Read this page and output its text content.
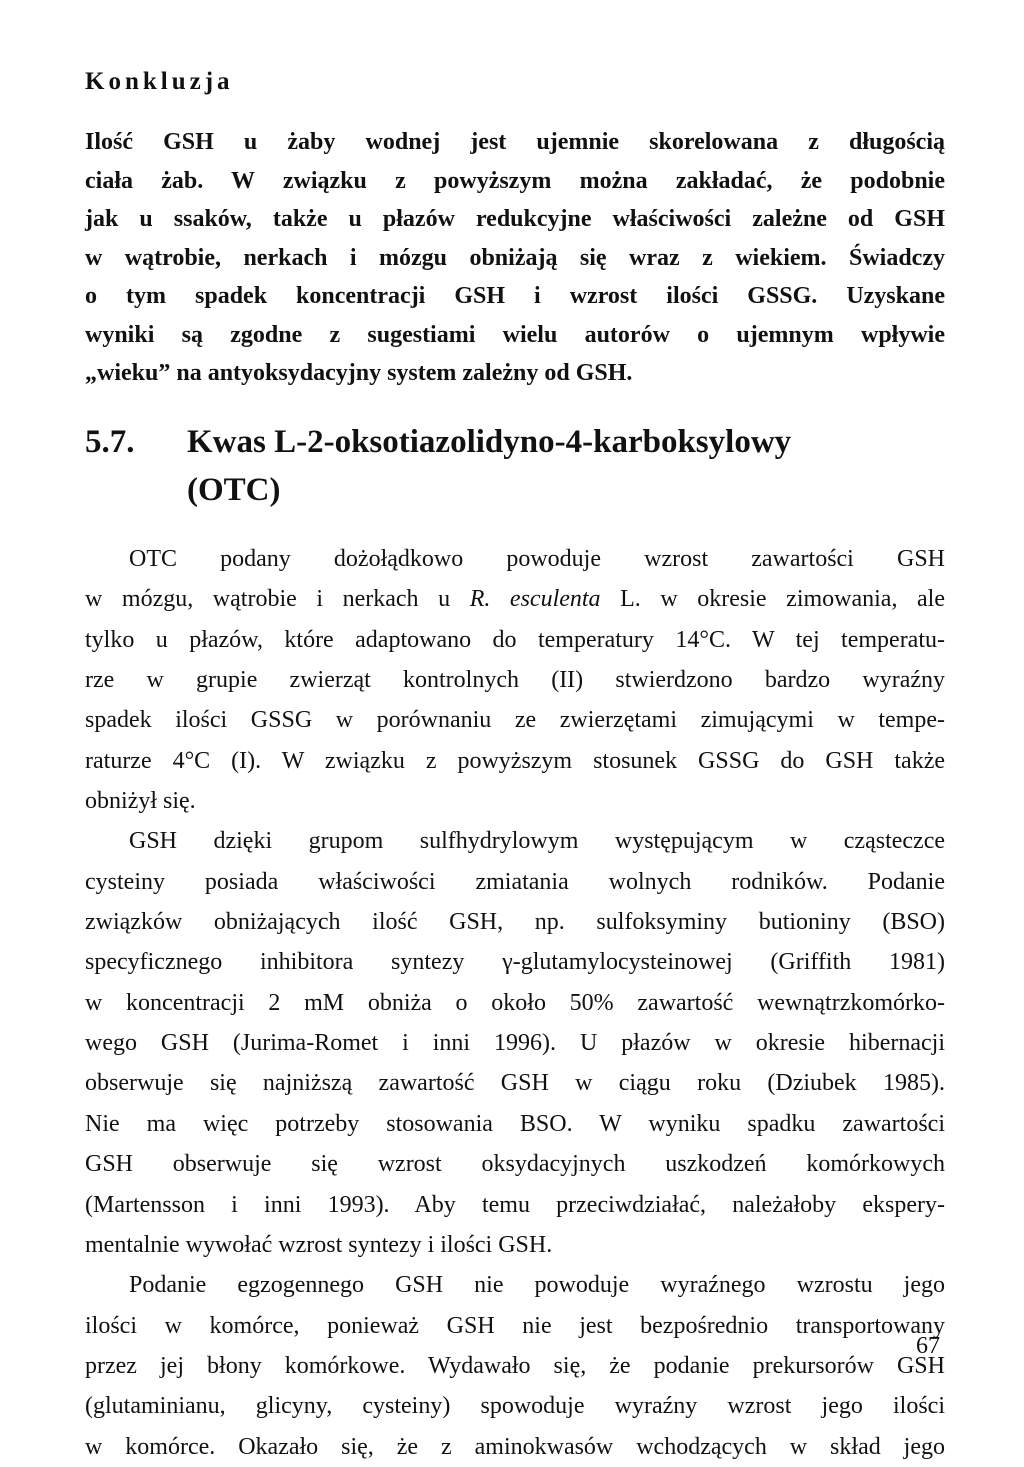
Konkluzja
Ilość GSH u żaby wodnej jest ujemnie skorelowana z długością
ciała żab. W związku z powyższym można zakładać, że podobnie
jak u ssaków, także u płazów redukcyjne właściwości zależne od GSH
w wątrobie, nerkach i mózgu obniżają się wraz z wiekiem. Świadczy
o tym spadek koncentracji GSH i wzrost ilości GSSG. Uzyskane
wyniki są zgodne z sugestiami wielu autorów o ujemnym wpływie
„wieku” na antyoksydacyjny system zależny od GSH.
5.7. Kwas L-2-oksotiazolidyno-4-karboksylowy
(OTC)
OTC podany dożołądkowo powoduje wzrost zawartości GSH
w mózgu, wątrobie i nerkach u R. esculenta L. w okresie zimowania, ale
tylko u płazów, które adaptowano do temperatury 14°C. W tej temperatu-
rze w grupie zwierząt kontrolnych (II) stwierdzono bardzo wyraźny
spadek ilości GSSG w porównaniu ze zwierzętami zimującymi w tempe-
raturze 4°C (I). W związku z powyższym stosunek GSSG do GSH także
obniżył się.
GSH dzięki grupom sulfhydrylowym występującym w cząsteczce
cysteiny posiada właściwości zmiatania wolnych rodników. Podanie
związków obniżających ilość GSH, np. sulfoksyminy butioniny (BSO)
specyficznego inhibitora syntezy γ-glutamylocysteinowej (Griffith 1981)
w koncentracji 2 mM obniża o około 50% zawartość wewnątrzkomórko-
wego GSH (Jurima-Romet i inni 1996). U płazów w okresie hibernacji
obserwuje się najniższą zawartość GSH w ciągu roku (Dziubek 1985).
Nie ma więc potrzeby stosowania BSO. W wyniku spadku zawartości
GSH obserwuje się wzrost oksydacyjnych uszkodzeń komórkowych
(Martensson i inni 1993). Aby temu przeciwdziałać, należałoby ekspery-
mentalnie wywołać wzrost syntezy i ilości GSH.
Podanie egzogennego GSH nie powoduje wyraźnego wzrostu jego
ilości w komórce, ponieważ GSH nie jest bezpośrednio transportowany
przez jej błony komórkowe. Wydawało się, że podanie prekursorów GSH
(glutaminianu, glicyny, cysteiny) spowoduje wyraźny wzrost jego ilości
w komórce. Okazało się, że z aminokwasów wchodzących w skład jego
67
